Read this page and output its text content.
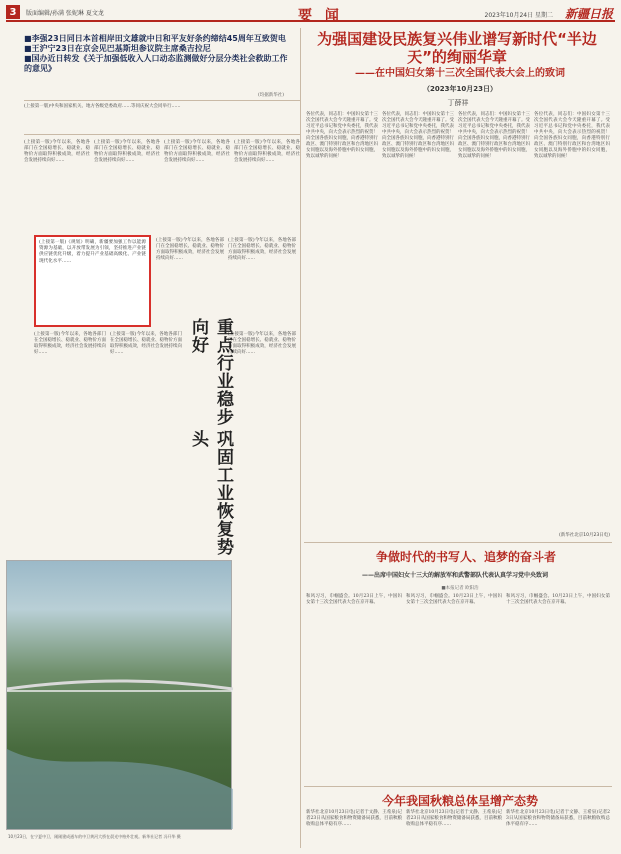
3	版面编辑/孙满 张妮琳 夏文龙	要 闻	2023年10月24日 星期二 新疆日报
■李强23日同日本首相岸田文雄就中日和平友好条约缔结45周年互致贺电
■王沪宁23日在京会见巴基斯坦参议院主席桑吉拉尼
■国办近日转发《关于加强低收入人口动态监测做好分层分类社会救助工作的意见》
(均据新华社)
(上接第一版)中央和国家机关、地方各级党委政府……等同庆祝大会同举行……
(上接第一版)今年以来，各地各部门在全国稳增长、稳就业、稳物价方面取得积极成效，经济社会发展持续向好……
(上接第一版)今年以来，各地各部门在全国稳增长、稳就业、稳物价方面取得积极成效，经济社会发展持续向好……
(上接第一版)今年以来，各地各部门在全国稳增长、稳就业、稳物价方面取得积极成效，经济社会发展持续向好……
(上接第一版)今年以来，各地各部门在全国稳增长、稳就业、稳物价方面取得积极成效，经济社会发展持续向好……
(上接第一版)《规划》明确，新疆要加强工作以能源资源为基础，以开放带发展为引领，坚持推进产业链供应链优化升级，着力提升产业基础高级化、产业链现代化水平……
(上接第一版)今年以来，各地各部门在全国稳增长、稳就业、稳物价方面取得积极成效，经济社会发展持续向好……
(上接第一版)今年以来，各地各部门在全国稳增长、稳就业、稳物价方面取得积极成效，经济社会发展持续向好……
(上接第一版)今年以来，各地各部门在全国稳增长、稳就业、稳物价方面取得积极成效，经济社会发展持续向好……
(上接第一版)今年以来，各地各部门在全国稳增长、稳就业、稳物价方面取得积极成效，经济社会发展持续向好……
(上接第一版)今年以来，各地各部门在全国稳增长、稳就业、稳物价方面取得积极成效，经济社会发展持续向好……
重点行业稳步向好
巩固工业恢复势头
10月23日，在宁夏中卫，刚刚建成通车的中卫黄河大桥在晨光中格外壮观。新华社记者 冯开华 摄
为强国建设民族复兴伟业谱写新时代“半边天”的绚丽华章
——在中国妇女第十三次全国代表大会上的致词
（2023年10月23日）
丁薛祥
各位代表，同志们：中国妇女第十三次全国代表大会今天隆重开幕了。受习近平总书记和党中央委托，我代表中共中央，向大会表示热烈的祝贺！向全国各族妇女同胞，向香港特别行政区、澳门特别行政区和台湾地区妇女同胞以及海外侨胞中的妇女同胞，致以诚挚的问候！
各位代表，同志们：中国妇女第十三次全国代表大会今天隆重开幕了。受习近平总书记和党中央委托，我代表中共中央，向大会表示热烈的祝贺！向全国各族妇女同胞，向香港特别行政区、澳门特别行政区和台湾地区妇女同胞以及海外侨胞中的妇女同胞，致以诚挚的问候！
各位代表，同志们：中国妇女第十三次全国代表大会今天隆重开幕了。受习近平总书记和党中央委托，我代表中共中央，向大会表示热烈的祝贺！向全国各族妇女同胞，向香港特别行政区、澳门特别行政区和台湾地区妇女同胞以及海外侨胞中的妇女同胞，致以诚挚的问候！
各位代表，同志们：中国妇女第十三次全国代表大会今天隆重开幕了。受习近平总书记和党中央委托，我代表中共中央，向大会表示热烈的祝贺！向全国各族妇女同胞，向香港特别行政区、澳门特别行政区和台湾地区妇女同胞以及海外侨胞中的妇女同胞，致以诚挚的问候！
(新华社北京10月23日电)
争做时代的书写人、追梦的奋斗者
——出席中国妇女十三大的解放军和武警部队代表认真学习党中央致词
■本报记者 欧阳浩
和风习习，巾帼盛会。10月23日上午，中国妇女第十三次全国代表大会在京开幕。
和风习习，巾帼盛会。10月23日上午，中国妇女第十三次全国代表大会在京开幕。
和风习习，巾帼盛会。10月23日上午，中国妇女第十三次全国代表大会在京开幕。
今年我国秋粮总体呈增产态势
新华社北京10月23日电(记者于文静、王希泉)记者23日从国家粮食和物资储备局获悉，目前秋粮收购总体平稳有序……
新华社北京10月23日电(记者于文静、王希泉)记者23日从国家粮食和物资储备局获悉，目前秋粮收购总体平稳有序……
新华社北京10月23日电(记者于文静、王希泉)记者23日从国家粮食和物资储备局获悉，目前秋粮收购总体平稳有序……
